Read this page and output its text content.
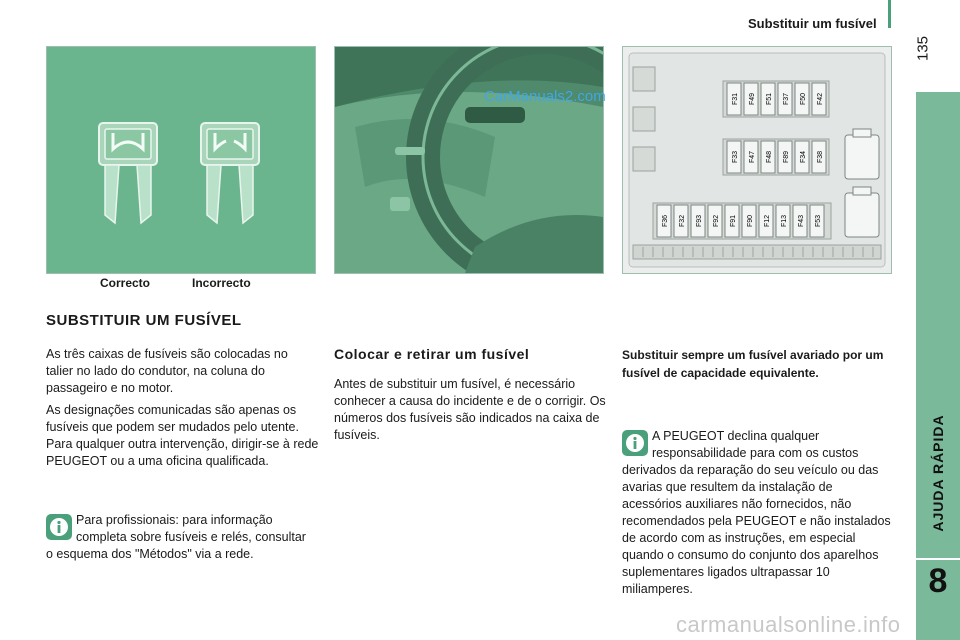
Substituir um fusível
135
AJUDA RÁPIDA
8
Correcto	Incorrecto
CarManuals2.com	F31 F49 F51 F37 F50 F42
F33 F47 F48 F89 F34 F38
F36 F32 F93 F92 F91 F90 F12 F13 F43 F53
SUBSTITUIR UM FUSÍVEL
As três caixas de fusíveis são colocadas no talier no lado do condutor, na coluna do passageiro e no motor.
As designações comunicadas são apenas os fusíveis que podem ser mudados pelo utente. Para qualquer outra intervenção, dirigir-se à rede PEUGEOT ou a uma oficina qualificada.
Para profissionais: para informação completa sobre fusíveis e relés, consultar o esquema dos "Métodos" via a rede.
Colocar e retirar um fusível
Antes de substituir um fusível, é necessário conhecer a causa do incidente e de o corrigir. Os números dos fusíveis são indicados na caixa de fusíveis.
Substituir sempre um fusível avariado por um fusível de capacidade equivalente.
A PEUGEOT declina qualquer responsabilidade para com os custos derivados da reparação do seu veículo ou das avarias que resultem da instalação de acessórios auxiliares não fornecidos, não recomendados pela PEUGEOT e não instalados de acordo com as instruções, em especial quando o consumo do conjunto dos aparelhos suplementares ligados ultrapassar 10 miliamperes.
carmanualsonline.info
